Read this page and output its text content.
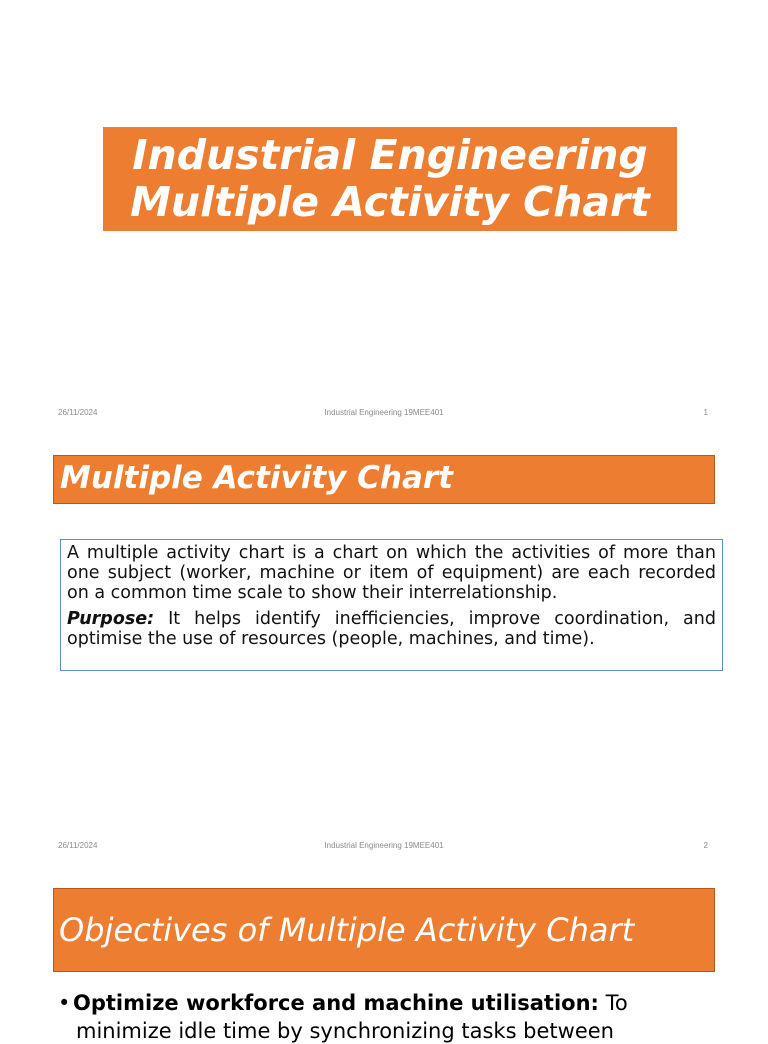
Industrial Engineering
Multiple Activity Chart
26/11/2024	Industrial Engineering 19MEE401	1
Multiple Activity Chart

A multiple activity chart is a chart on which the activities of more than one subject (worker, machine or item of equipment) are each recorded on a common time scale to show their interrelationship.

Purpose: It helps identify inefficiencies, improve coordination, and optimise the use of resources (people, machines, and time).

26/11/2024	Industrial Engineering 19MEE401	2
Objectives of Multiple Activity Chart
• Optimize workforce and machine utilisation: To
minimize idle time by synchronizing tasks between
